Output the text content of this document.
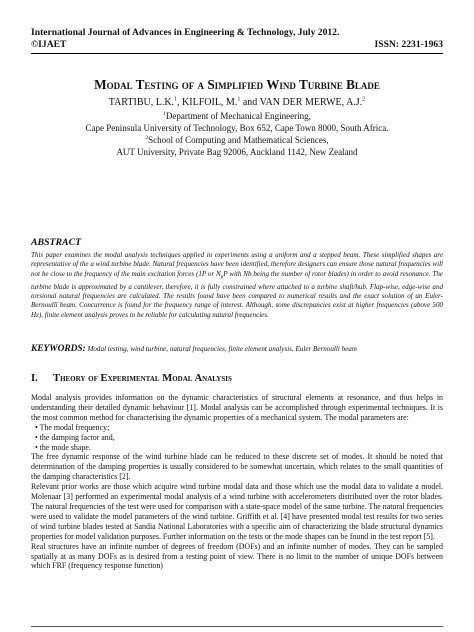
International Journal of Advances in Engineering & Technology, July 2012.
©IJAET	ISSN: 2231-1963
Modal Testing of a Simplified Wind Turbine Blade
TARTIBU, L.K.$^1$, KILFOIL, M.$^1$ and VAN DER MERWE, A.J.$^2$
$^1$Department of Mechanical Engineering,
Cape Peninsula University of Technology, Box 652, Cape Town 8000, South Africa.
$^2$School of Computing and Mathematical Sciences,
AUT University, Private Bag 92006, Auckland 1142, New Zealand
ABSTRACT
This paper examines the modal analysis techniques applied in experiments using a uniform and a stepped beam. These simplified shapes are representative of the a wind turbine blade. Natural frequencies have been identified, therefore designers can ensure those natural frequencies will not be close to the frequency of the main excitation forces (1P or $N_bP$ with Nb being the number of rotor blades) in order to avoid resonance. The turbine blade is approximated by a cantilever, therefore, it is fully constrained where attached to a turbine shaft/hub. Flap-wise, edge-wise and torsional natural frequencies are calculated. The results found have been compared to numerical results and the exact solution of an Euler-Bernoulli beam. Concurrence is found for the frequency range of interest. Although, some discrepancies exist at higher frequencies (above 500 Hz), finite element analysis proves to be reliable for calculating natural frequencies.
KEYWORDS: Modal testing, wind turbine, natural frequencies, finite element analysis, Euler Bernoulli beam
I. Theory of Experimental Modal Analysis

Modal analysis provides information on the dynamic characteristics of structural elements at resonance, and thus helps in understanding their detailed dynamic behaviour [1]. Modal analysis can be accomplished through experimental techniques. It is the most common method for characterising the dynamic properties of a mechanical system. The modal parameters are:

• The modal frequency;

• the damping factor and,

• the mode shape.

The free dynamic response of the wind turbine blade can be reduced to these discrete set of modes. It should be noted that determination of the damping properties is usually considered to be somewhat uncertain, which relates to the small quantities of the damping characteristics [2].

Relevant prior works are those which acquire wind turbine modal data and those which use the modal data to validate a model. Molenaar [3] performed an experimental modal analysis of a wind turbine with accelerometers distributed over the rotor blades. The natural frequencies of the test were used for comparison with a state-space model of the same turbine. The natural frequencies were used to validate the model parameters of the wind turbine. Griffith et al. [4] have presented modal test results for two series of wind turbine blades tested at Sandia National Laboratories with a specific aim of characterizing the blade structural dynamics properties for model validation purposes. Further information on the tests or the mode shapes can be found in the test report [5].

Real structures have an infinite number of degrees of freedom (DOFs) and an infinite number of modes. They can be sampled spatially at as many DOFs as is desired from a testing point of view. There is no limit to the number of unique DOFs between which FRF (frequency response function)
